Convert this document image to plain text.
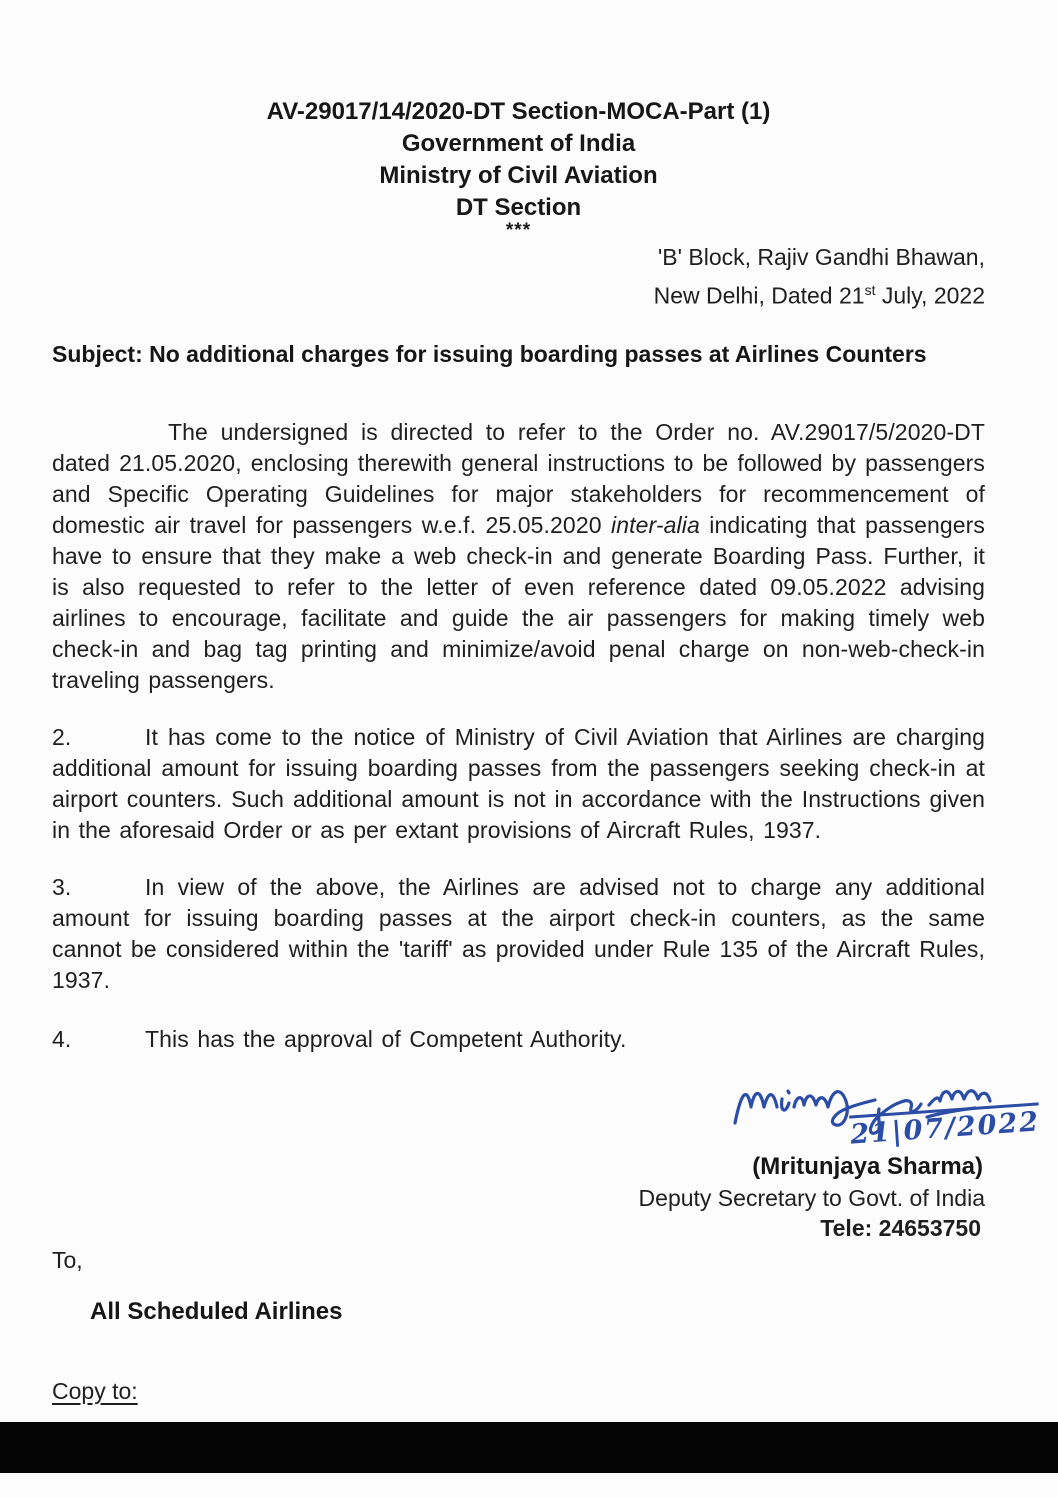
AV-29017/14/2020-DT Section-MOCA-Part (1)
Government of India
Ministry of Civil Aviation
DT Section
***
'B' Block, Rajiv Gandhi Bhawan,
New Delhi, Dated 21st July, 2022
Subject: No additional charges for issuing boarding passes at Airlines Counters
The undersigned is directed to refer to the Order no. AV.29017/5/2020-DT dated 21.05.2020, enclosing therewith general instructions to be followed by passengers and Specific Operating Guidelines for major stakeholders for recommencement of domestic air travel for passengers w.e.f. 25.05.2020 inter-alia indicating that passengers have to ensure that they make a web check-in and generate Boarding Pass. Further, it is also requested to refer to the letter of even reference dated 09.05.2022 advising airlines to encourage, facilitate and guide the air passengers for making timely web check-in and bag tag printing and minimize/avoid penal charge on non-web-check-in traveling passengers.
2.	It has come to the notice of Ministry of Civil Aviation that Airlines are charging additional amount for issuing boarding passes from the passengers seeking check-in at airport counters. Such additional amount is not in accordance with the Instructions given in the aforesaid Order or as per extant provisions of Aircraft Rules, 1937.
3.	In view of the above, the Airlines are advised not to charge any additional amount for issuing boarding passes at the airport check-in counters, as the same cannot be considered within the 'tariff' as provided under Rule 135 of the Aircraft Rules, 1937.
4.	This has the approval of Competent Authority.
21|07/2022
(Mritunjaya Sharma)
Deputy Secretary to Govt. of India
Tele: 24653750
To,
All Scheduled Airlines
Copy to:
